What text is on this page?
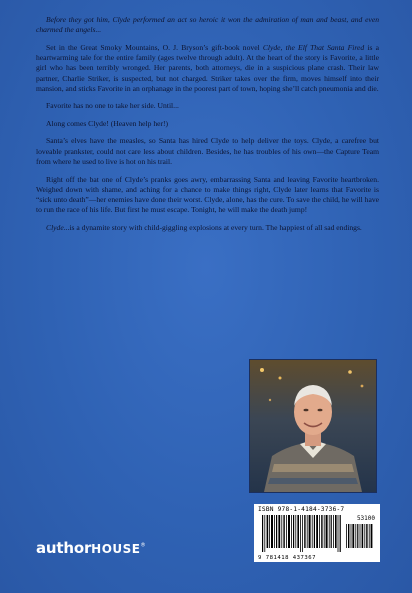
Before they got him, Clyde performed an act so heroic it won the admiration of man and beast, and even charmed the angels...

Set in the Great Smoky Mountains, O. J. Bryson’s gift-book novel Clyde, the Elf That Santa Fired is a heartwarming tale for the entire family (ages twelve through adult). At the heart of the story is Favorite, a little girl who has been terribly wronged. Her parents, both attorneys, die in a suspicious plane crash. Their law partner, Charlie Striker, is suspected, but not charged. Striker takes over the firm, moves himself into their mansion, and sticks Favorite in an orphanage in the poorest part of town, hoping she’ll catch pneumonia and die.

Favorite has no one to take her side. Until...

Along comes Clyde! (Heaven help her!)

Santa’s elves have the measles, so Santa has hired Clyde to help deliver the toys. Clyde, a carefree but loveable prankster, could not care less about children. Besides, he has troubles of his own—the Capture Team from where he used to live is hot on his trail.

Right off the bat one of Clyde’s pranks goes awry, embarrassing Santa and leaving Favorite heartbroken. Weighed down with shame, and aching for a chance to make things right, Clyde later learns that Favorite is “sick unto death”—her enemies have done their worst. Clyde, alone, has the cure. To save the child, he will have to run the race of his life. But first he must escape. Tonight, he will make the death jump!

Clyde...is a dynamite story with child-giggling explosions at every turn. The happiest of all sad endings.

ISBN 978-1-4184-3736-7
53100
9 781418 437367
authorHOUSE®
